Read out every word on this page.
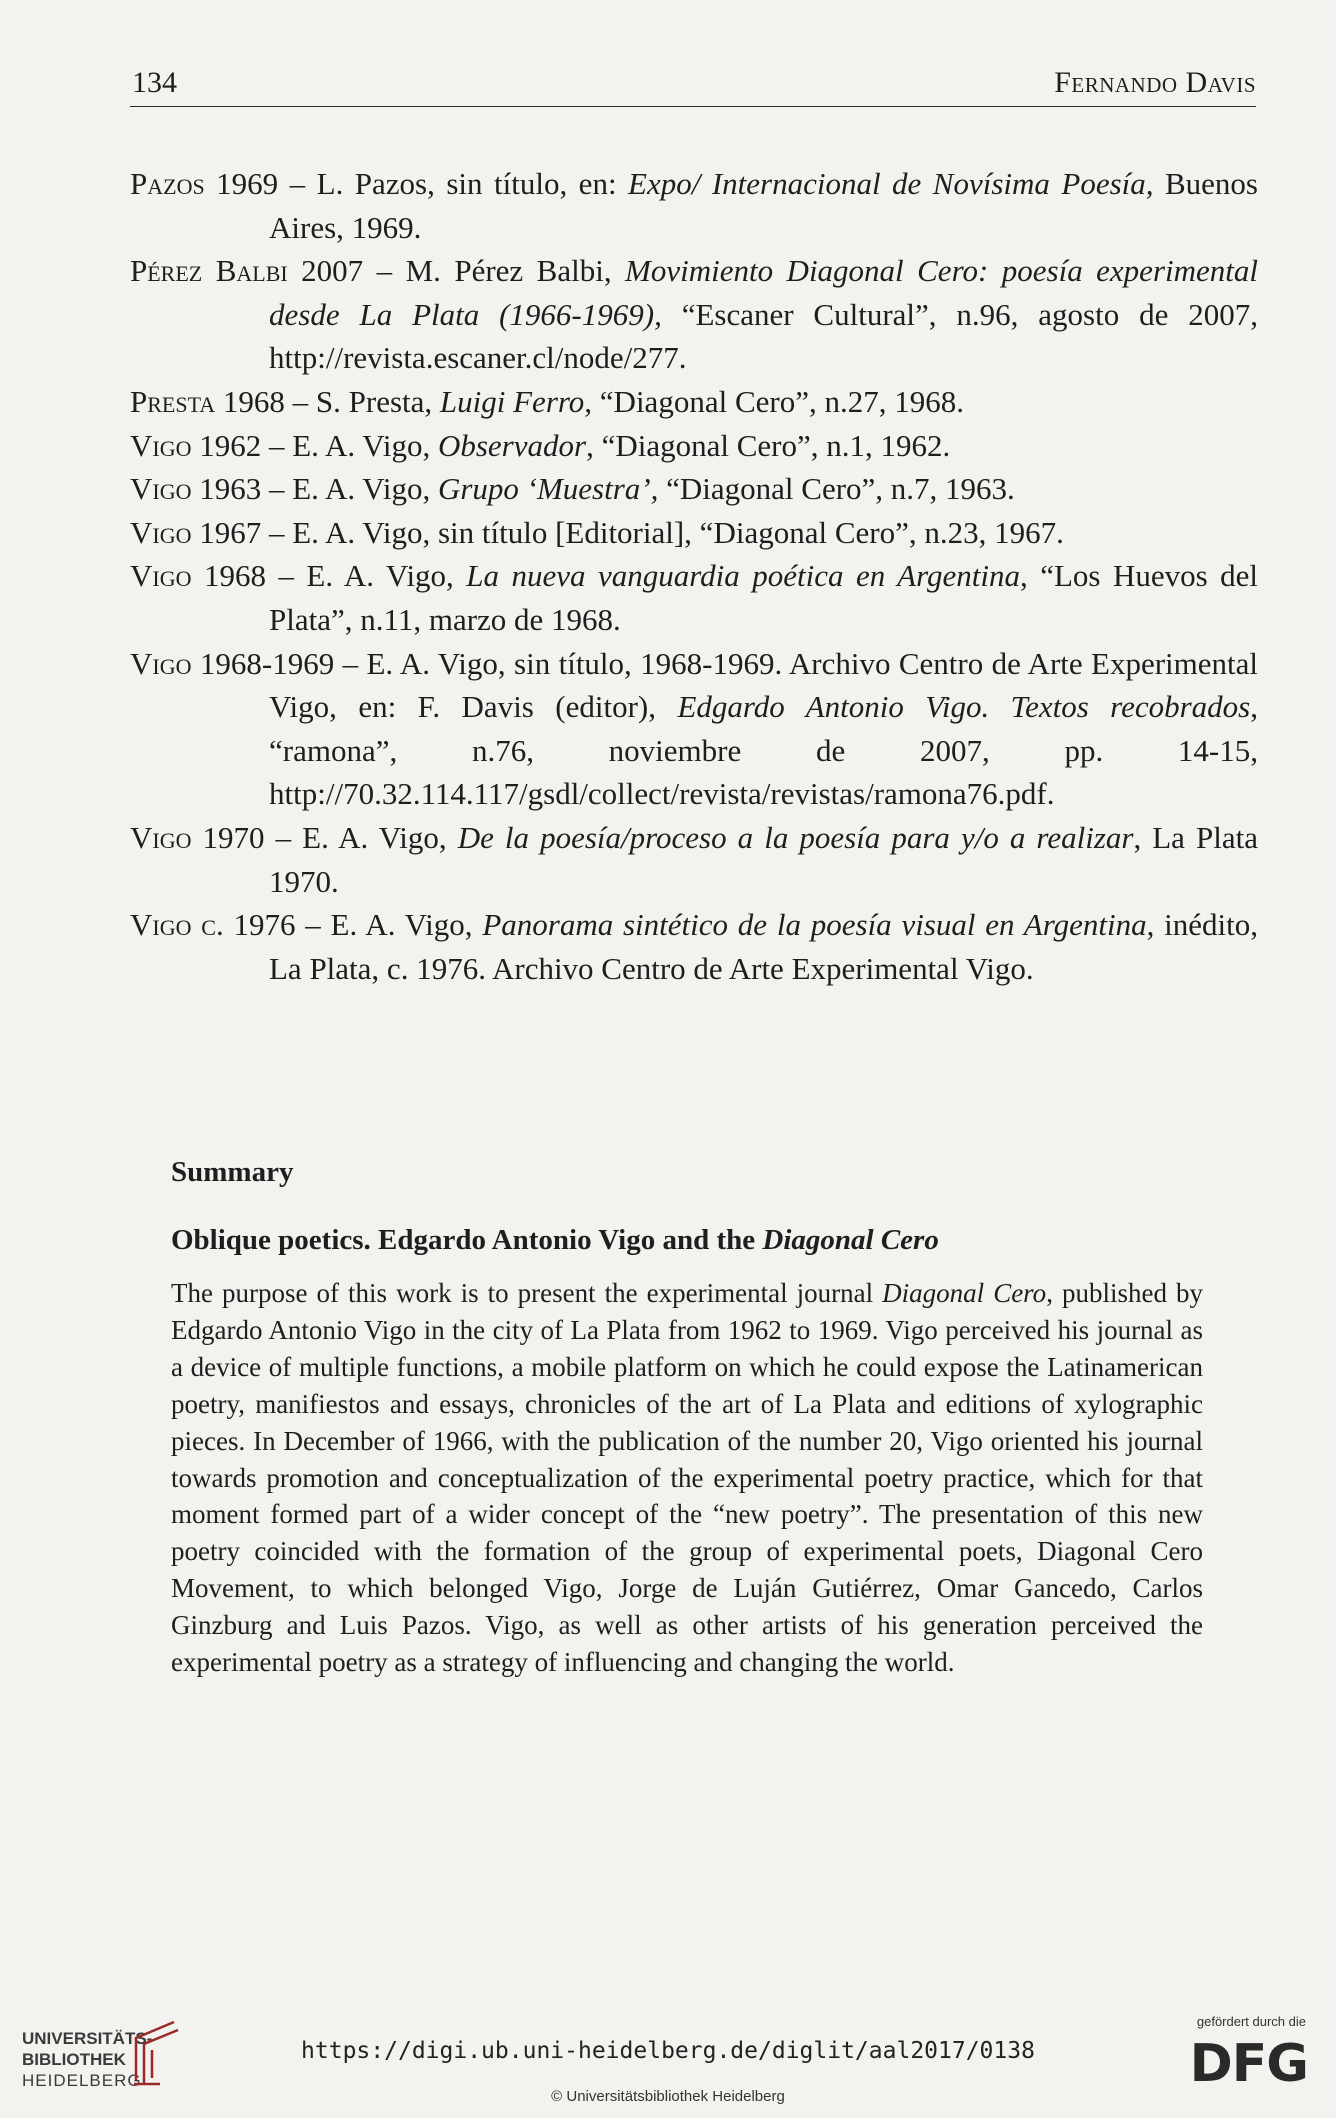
134	Fernando Davis
Pazos 1969 – L. Pazos, sin título, en: Expo/ Internacional de Novísima Poesía, Buenos Aires, 1969.
Pérez Balbi 2007 – M. Pérez Balbi, Movimiento Diagonal Cero: poesía experimental desde La Plata (1966-1969), “Escaner Cultural”, n.96, agosto de 2007, http://revista.escaner.cl/node/277.
Presta 1968 – S. Presta, Luigi Ferro, “Diagonal Cero”, n.27, 1968.
Vigo 1962 – E. A. Vigo, Observador, “Diagonal Cero”, n.1, 1962.
Vigo 1963 – E. A. Vigo, Grupo ‘Muestra’, “Diagonal Cero”, n.7, 1963.
Vigo 1967 – E. A. Vigo, sin título [Editorial], “Diagonal Cero”, n.23, 1967.
Vigo 1968 – E. A. Vigo, La nueva vanguardia poética en Argentina, “Los Huevos del Plata”, n.11, marzo de 1968.
Vigo 1968-1969 – E. A. Vigo, sin título, 1968-1969. Archivo Centro de Arte Experimental Vigo, en: F. Davis (editor), Edgardo Antonio Vigo. Textos recobrados, “ramona”, n.76, noviembre de 2007, pp. 14-15, http://70.32.114.117/gsdl/collect/revista/revistas/ramona76.pdf.
Vigo 1970 – E. A. Vigo, De la poesía/proceso a la poesía para y/o a realizar, La Plata 1970.
Vigo c. 1976 – E. A. Vigo, Panorama sintético de la poesía visual en Argentina, inédito, La Plata, c. 1976. Archivo Centro de Arte Experimental Vigo.

Summary

Oblique poetics. Edgardo Antonio Vigo and the Diagonal Cero

The purpose of this work is to present the experimental journal Diagonal Cero, published by Edgardo Antonio Vigo in the city of La Plata from 1962 to 1969. Vigo perceived his journal as a device of multiple functions, a mobile platform on which he could expose the Latinamerican poetry, manifiestos and essays, chronicles of the art of La Plata and editions of xylographic pieces. In December of 1966, with the publication of the number 20, Vigo oriented his journal towards promotion and conceptualization of the experimental poetry practice, which for that moment formed part of a wider concept of the “new poetry”. The presentation of this new poetry coincided with the formation of the group of experimental poets, Diagonal Cero Movement, to which belonged Vigo, Jorge de Luján Gutiérrez, Omar Gancedo, Carlos Ginzburg and Luis Pazos. Vigo, as well as other artists of his generation perceived the experimental poetry as a strategy of influencing and changing the world.

UNIVERSITÄTS-
BIBLIOTHEK
HEIDELBERG
https://digi.ub.uni-heidelberg.de/diglit/aal2017/0138
© Universitätsbibliothek Heidelberg
gefördert durch die
DFG
